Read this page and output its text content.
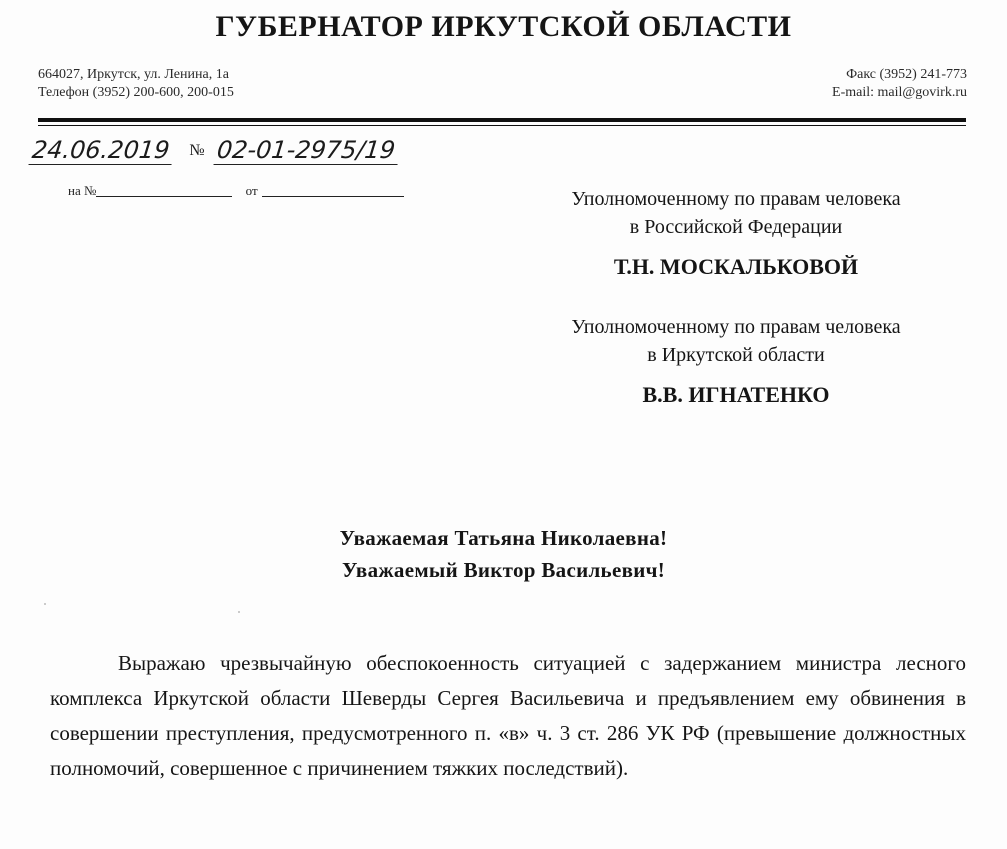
ГУБЕРНАТОР ИРКУТСКОЙ ОБЛАСТИ
664027, Иркутск, ул. Ленина, 1а
Телефон (3952) 200-600, 200-015
Факс (3952) 241-773
E-mail: mail@govirk.ru
24.06.2019 № 02-01-2975/19
на №	от	Уполномоченному по правам человека
в Российской Федерации
Т.Н. МОСКАЛЬКОВОЙ
Уполномоченному по правам человека
в Иркутской области
В.В. ИГНАТЕНКО
Уважаемая Татьяна Николаевна!
Уважаемый Виктор Васильевич!
Выражаю чрезвычайную обеспокоенность ситуацией с задержанием министра лесного комплекса Иркутской области Шеверды Сергея Васильевича и предъявлением ему обвинения в совершении преступления, предусмотренного п. «в» ч. 3 ст. 286 УК РФ (превышение должностных полномочий, совершенное с причинением тяжких последствий).
